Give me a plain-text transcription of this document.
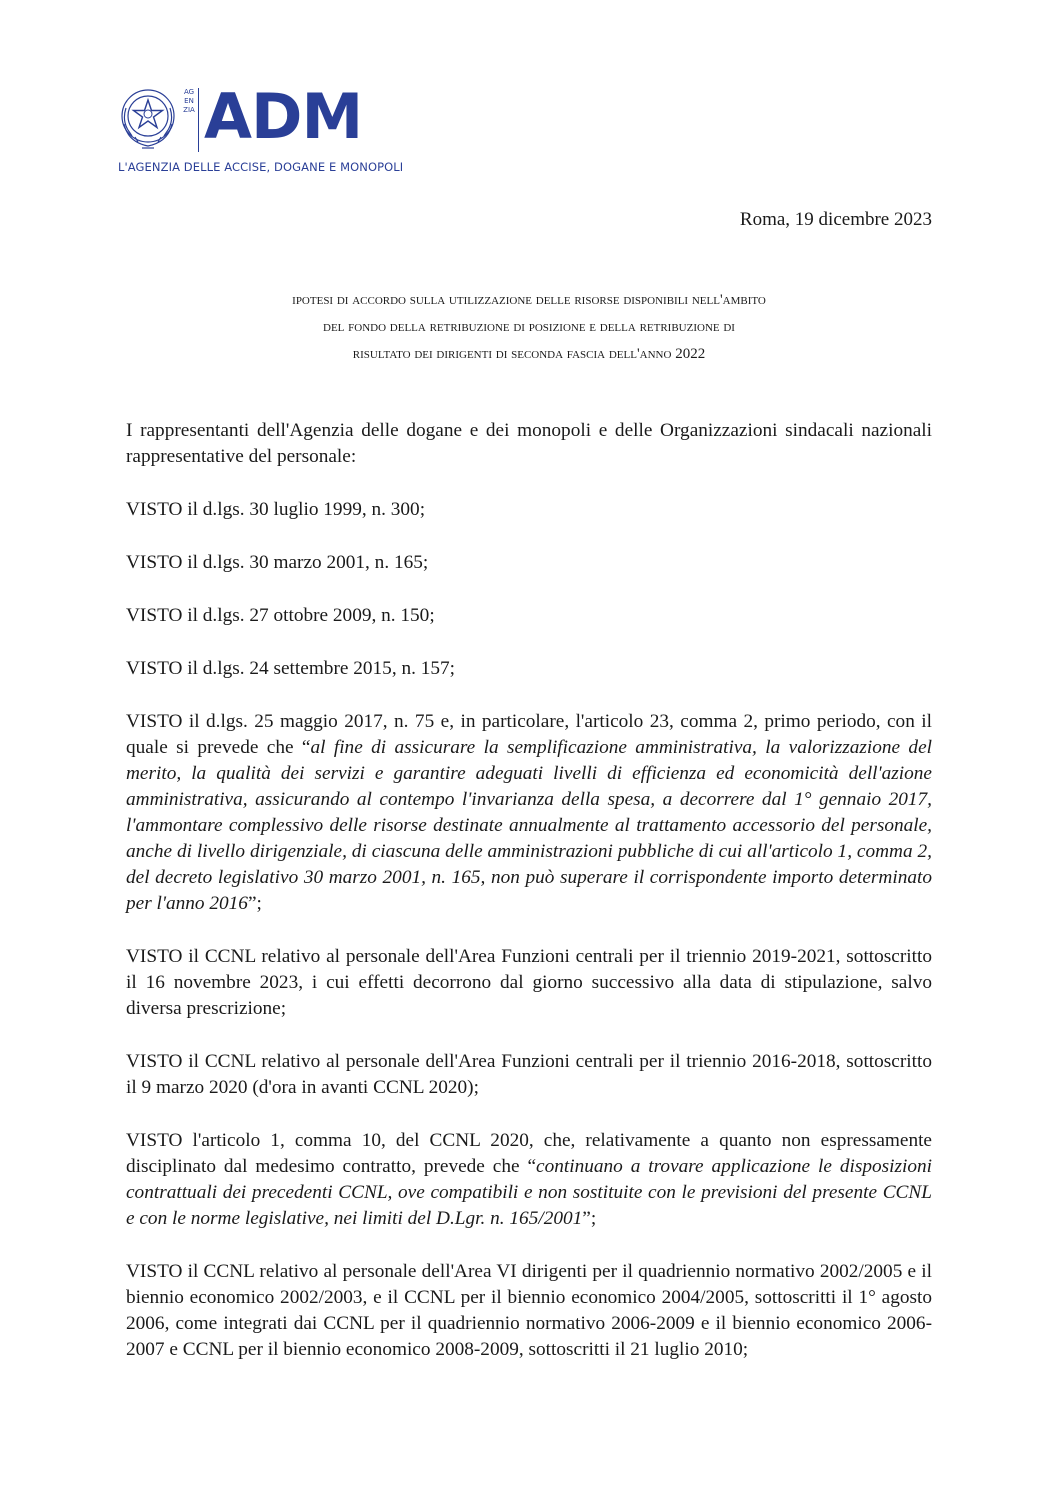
AGENZIA ADM
L'AGENZIA DELLE ACCISE, DOGANE E MONOPOLI
Roma, 19 dicembre 2023
ipotesi di accordo sulla utilizzazione delle risorse disponibili nell'ambito
del fondo della retribuzione di posizione e della retribuzione di
risultato dei dirigenti di seconda fascia dell'anno 2022

I rappresentanti dell'Agenzia delle dogane e dei monopoli e delle Organizzazioni sindacali nazionali rappresentative del personale:

VISTO il d.lgs. 30 luglio 1999, n. 300;

VISTO il d.lgs. 30 marzo 2001, n. 165;

VISTO il d.lgs. 27 ottobre 2009, n. 150;

VISTO il d.lgs. 24 settembre 2015, n. 157;

VISTO il d.lgs. 25 maggio 2017, n. 75 e, in particolare, l'articolo 23, comma 2, primo periodo, con il quale si prevede che “al fine di assicurare la semplificazione amministrativa, la valorizzazione del merito, la qualità dei servizi e garantire adeguati livelli di efficienza ed economicità dell'azione amministrativa, assicurando al contempo l'invarianza della spesa, a decorrere dal 1° gennaio 2017, l'ammontare complessivo delle risorse destinate annualmente al trattamento accessorio del personale, anche di livello dirigenziale, di ciascuna delle amministrazioni pubbliche di cui all'articolo 1, comma 2, del decreto legislativo 30 marzo 2001, n. 165, non può superare il corrispondente importo determinato per l'anno 2016”;

VISTO il CCNL relativo al personale dell'Area Funzioni centrali per il triennio 2019-2021, sottoscritto il 16 novembre 2023, i cui effetti decorrono dal giorno successivo alla data di stipulazione, salvo diversa prescrizione;

VISTO il CCNL relativo al personale dell'Area Funzioni centrali per il triennio 2016-2018, sottoscritto il 9 marzo 2020 (d'ora in avanti CCNL 2020);

VISTO l'articolo 1, comma 10, del CCNL 2020, che, relativamente a quanto non espressamente disciplinato dal medesimo contratto, prevede che “continuano a trovare applicazione le disposizioni contrattuali dei precedenti CCNL, ove compatibili e non sostituite con le previsioni del presente CCNL e con le norme legislative, nei limiti del D.Lgr. n. 165/2001”;

VISTO il CCNL relativo al personale dell'Area VI dirigenti per il quadriennio normativo 2002/2005 e il biennio economico 2002/2003, e il CCNL per il biennio economico 2004/2005, sottoscritti il 1° agosto 2006, come integrati dai CCNL per il quadriennio normativo 2006-2009 e il biennio economico 2006-2007 e CCNL per il biennio economico 2008-2009, sottoscritti il 21 luglio 2010;
